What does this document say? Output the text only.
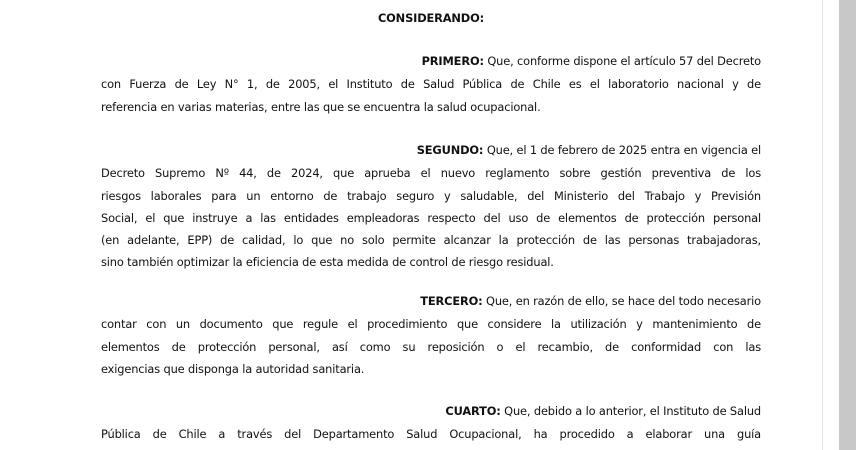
CONSIDERANDO:
PRIMERO: Que, conforme dispone el artículo 57 del Decreto
con Fuerza de Ley N° 1, de 2005, el Instituto de Salud Pública de Chile es el laboratorio nacional y de
referencia en varias materias, entre las que se encuentra la salud ocupacional.
SEGUNDO: Que, el 1 de febrero de 2025 entra en vigencia el
Decreto Supremo Nº 44, de 2024, que aprueba el nuevo reglamento sobre gestión preventiva de los
riesgos laborales para un entorno de trabajo seguro y saludable, del Ministerio del Trabajo y Previsión
Social, el que instruye a las entidades empleadoras respecto del uso de elementos de protección personal
(en adelante, EPP) de calidad, lo que no solo permite alcanzar la protección de las personas trabajadoras,
sino también optimizar la eficiencia de esta medida de control de riesgo residual.
TERCERO: Que, en razón de ello, se hace del todo necesario
contar con un documento que regule el procedimiento que considere la utilización y mantenimiento de
elementos de protección personal, así como su reposición o el recambio, de conformidad con las
exigencias que disponga la autoridad sanitaria.
CUARTO: Que, debido a lo anterior, el Instituto de Salud
Pública de Chile a través del Departamento Salud Ocupacional, ha procedido a elaborar una guía
